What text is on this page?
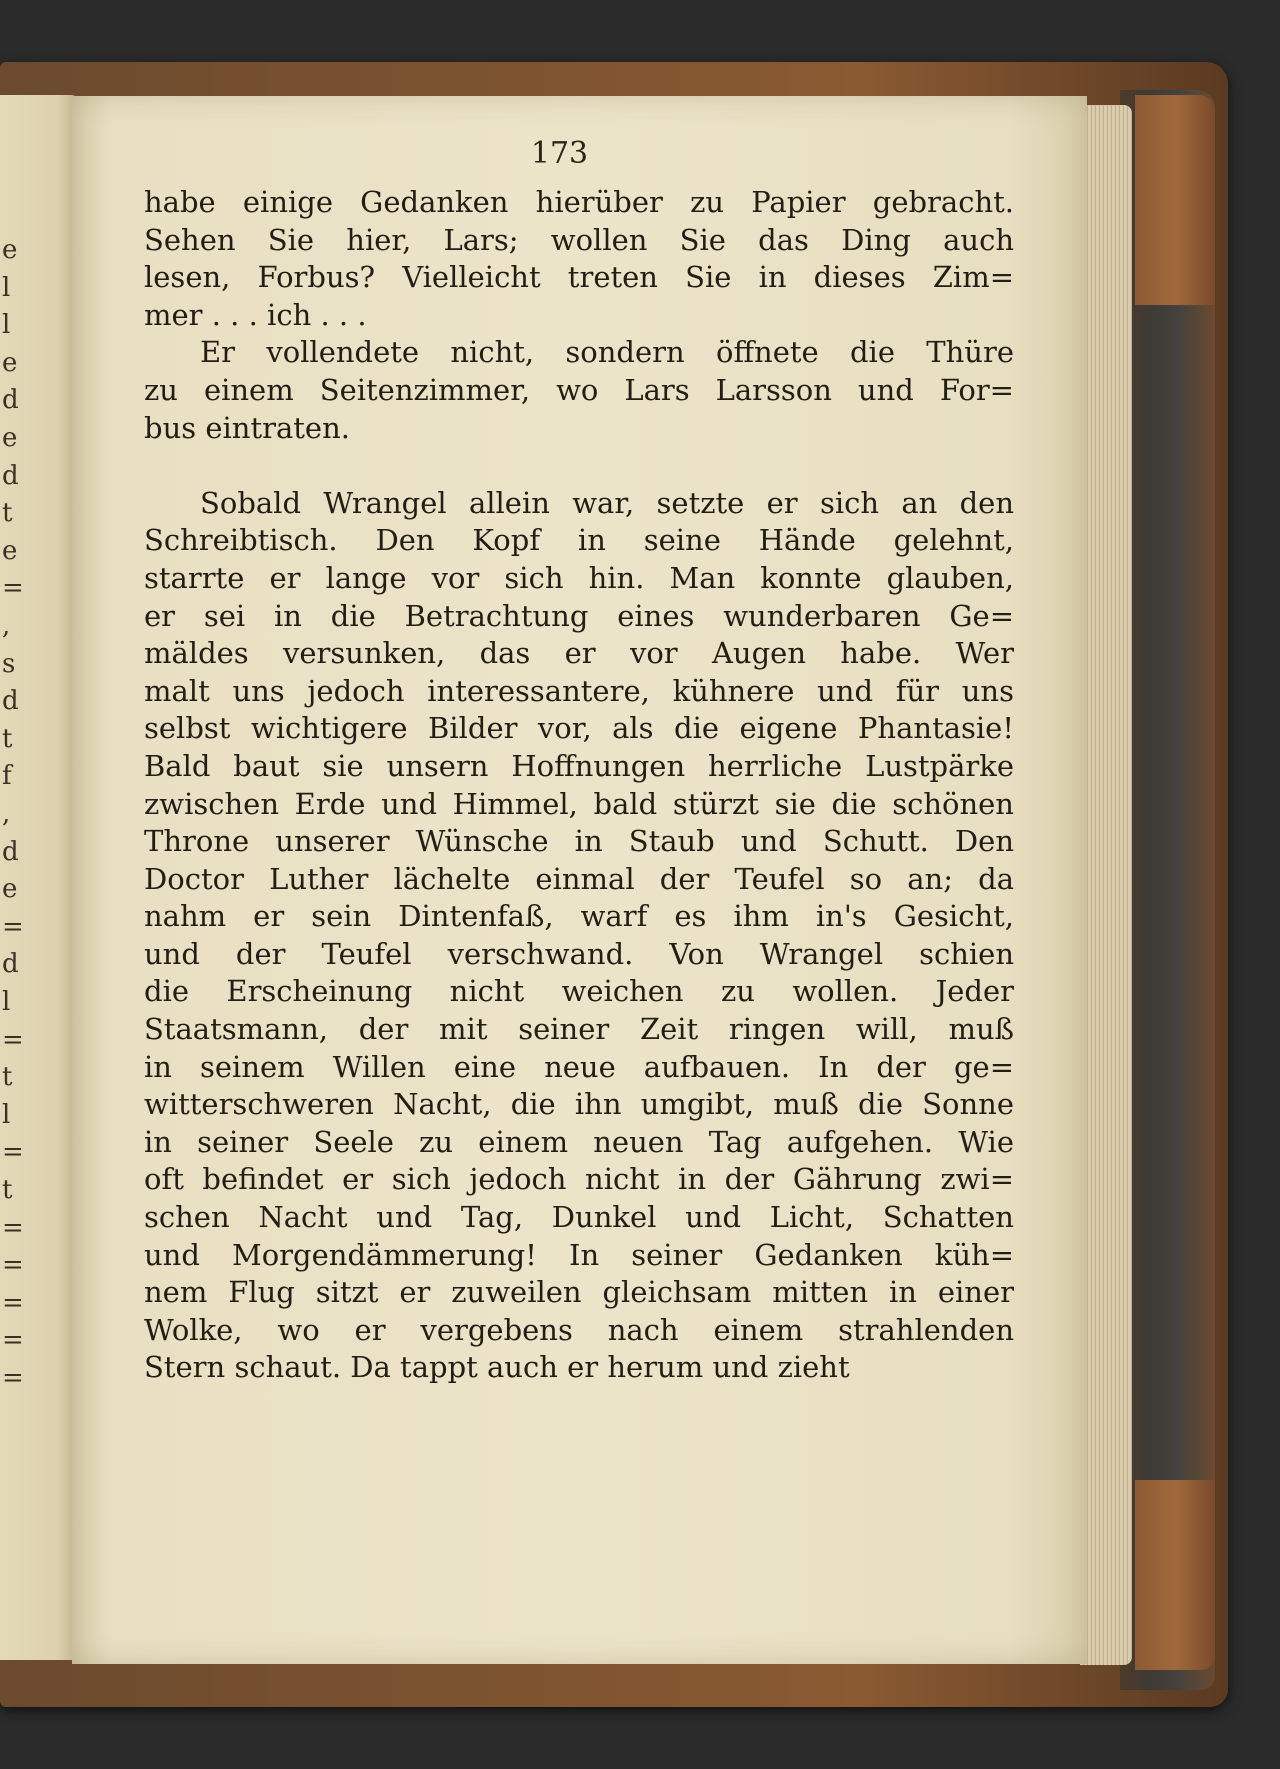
e
l
l
e
d
e
d
t
e
=
,
s
d
t
f
,
d
e
=
d
l
=
t
l
=
t
=
=
=
=
=
173
habe einige Gedanken hierüber zu Papier gebracht.
Sehen Sie hier, Lars; wollen Sie das Ding auch
lesen, Forbus? Vielleicht treten Sie in dieses Zim=
mer . . . ich . . .
Er vollendete nicht, sondern öffnete die Thüre
zu einem Seitenzimmer, wo Lars Larsson und For=
bus eintraten.
Sobald Wrangel allein war, setzte er sich an den
Schreibtisch. Den Kopf in seine Hände gelehnt,
starrte er lange vor sich hin. Man konnte glauben,
er sei in die Betrachtung eines wunderbaren Ge=
mäldes versunken, das er vor Augen habe. Wer
malt uns jedoch interessantere, kühnere und für uns
selbst wichtigere Bilder vor, als die eigene Phantasie!
Bald baut sie unsern Hoffnungen herrliche Lustpärke
zwischen Erde und Himmel, bald stürzt sie die schönen
Throne unserer Wünsche in Staub und Schutt. Den
Doctor Luther lächelte einmal der Teufel so an; da
nahm er sein Dintenfaß, warf es ihm in's Gesicht,
und der Teufel verschwand. Von Wrangel schien
die Erscheinung nicht weichen zu wollen. Jeder
Staatsmann, der mit seiner Zeit ringen will, muß
in seinem Willen eine neue aufbauen. In der ge=
witterschweren Nacht, die ihn umgibt, muß die Sonne
in seiner Seele zu einem neuen Tag aufgehen. Wie
oft befindet er sich jedoch nicht in der Gährung zwi=
schen Nacht und Tag, Dunkel und Licht, Schatten
und Morgendämmerung! In seiner Gedanken küh=
nem Flug sitzt er zuweilen gleichsam mitten in einer
Wolke, wo er vergebens nach einem strahlenden
Stern schaut. Da tappt auch er herum und zieht
